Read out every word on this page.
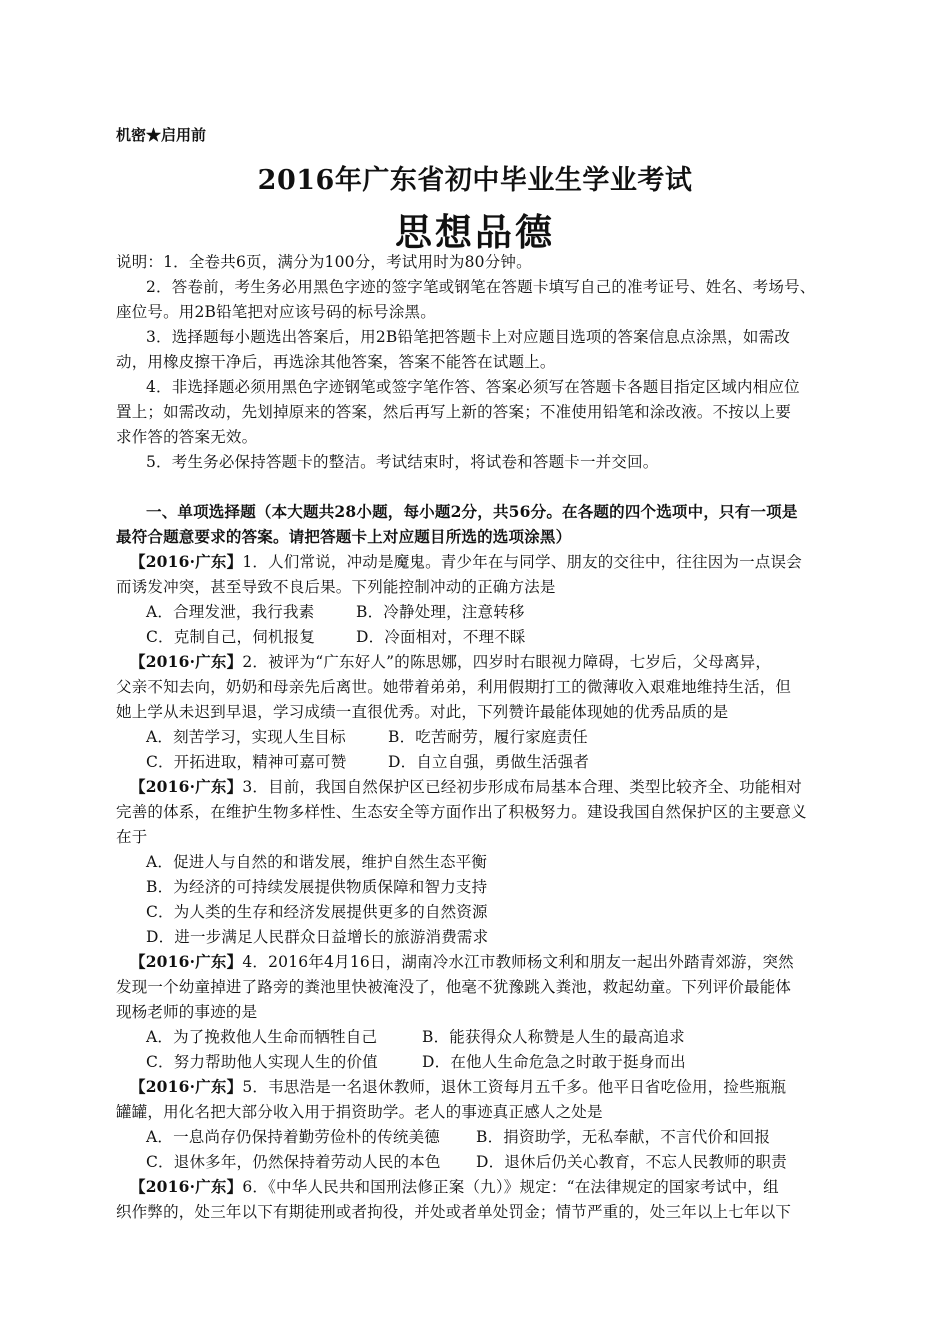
机密★启用前
2016年广东省初中毕业生学业考试
思想品德
说明：1．全卷共6页，满分为100分，考试用时为80分钟。
2．答卷前，考生务必用黑色字迹的签字笔或钢笔在答题卡填写自己的准考证号、姓名、考场号、
座位号。用2B铅笔把对应该号码的标号涂黑。
3．选择题每小题选出答案后，用2B铅笔把答题卡上对应题目选项的答案信息点涂黑，如需改
动，用橡皮擦干净后，再选涂其他答案，答案不能答在试题上。
4．非选择题必须用黑色字迹钢笔或签字笔作答、答案必须写在答题卡各题目指定区域内相应位
置上；如需改动，先划掉原来的答案，然后再写上新的答案；不准使用铅笔和涂改液。不按以上要
求作答的答案无效。
5．考生务必保持答题卡的整洁。考试结束时，将试卷和答题卡一并交回。
一、单项选择题（本大题共28小题，每小题2分，共56分。在各题的四个选项中，只有一项是
最符合题意要求的答案。请把答题卡上对应题目所选的选项涂黑）
【2016·广东】1．人们常说，冲动是魔鬼。青少年在与同学、朋友的交往中，往往因为一点误会
而诱发冲突，甚至导致不良后果。下列能控制冲动的正确方法是
A．合理发泄，我行我素	B．冷静处理，注意转移
C．克制自己，伺机报复	D．冷面相对，不理不睬
【2016·广东】2．被评为“广东好人”的陈思娜，四岁时右眼视力障碍，七岁后，父母离异，
父亲不知去向，奶奶和母亲先后离世。她带着弟弟，利用假期打工的微薄收入艰难地维持生活，但
她上学从未迟到早退，学习成绩一直很优秀。对此，下列赞许最能体现她的优秀品质的是
A．刻苦学习，实现人生目标	B．吃苦耐劳，履行家庭责任
C．开拓进取，精神可嘉可赞	D．自立自强，勇做生活强者
【2016·广东】3．目前，我国自然保护区已经初步形成布局基本合理、类型比较齐全、功能相对
完善的体系，在维护生物多样性、生态安全等方面作出了积极努力。建设我国自然保护区的主要意义
在于
A．促进人与自然的和谐发展，维护自然生态平衡
B．为经济的可持续发展提供物质保障和智力支持
C．为人类的生存和经济发展提供更多的自然资源
D．进一步满足人民群众日益增长的旅游消费需求
【2016·广东】4．2016年4月16日，湖南冷水江市教师杨文利和朋友一起出外踏青郊游，突然
发现一个幼童掉进了路旁的粪池里快被淹没了，他毫不犹豫跳入粪池，救起幼童。下列评价最能体
现杨老师的事迹的是
A．为了挽救他人生命而牺牲自己	B．能获得众人称赞是人生的最高追求
C．努力帮助他人实现人生的价值	D．在他人生命危急之时敢于挺身而出
【2016·广东】5．韦思浩是一名退休教师，退休工资每月五千多。他平日省吃俭用，捡些瓶瓶
罐罐，用化名把大部分收入用于捐资助学。老人的事迹真正感人之处是
A．一息尚存仍保持着勤劳俭朴的传统美德 B．捐资助学，无私奉献，不言代价和回报
C．退休多年，仍然保持着劳动人民的本色 D．退休后仍关心教育，不忘人民教师的职责
【2016·广东】6．《中华人民共和国刑法修正案（九）》规定：“在法律规定的国家考试中，组
织作弊的，处三年以下有期徒刑或者拘役，并处或者单处罚金；情节严重的，处三年以上七年以下
